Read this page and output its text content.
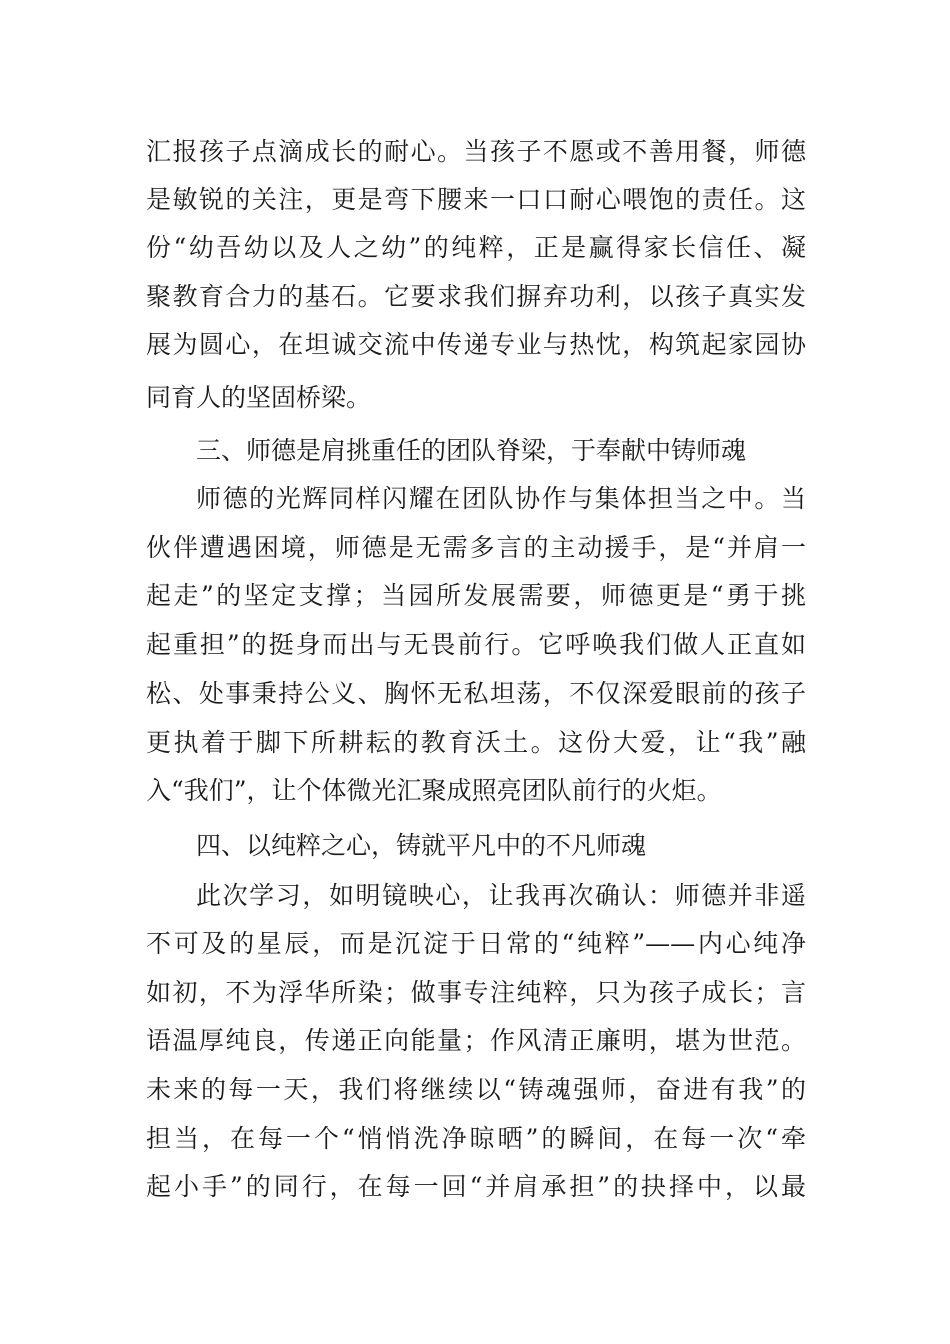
汇报孩子点滴成长的耐心。当孩子不愿或不善用餐，师德
是敏锐的关注，更是弯下腰来一口口耐心喂饱的责任。这
份“幼吾幼以及人之幼”的纯粹，正是赢得家长信任、凝
聚教育合力的基石。它要求我们摒弃功利，以孩子真实发
展为圆心，在坦诚交流中传递专业与热忱，构筑起家园协
同育人的坚固桥梁。
三、师德是肩挑重任的团队脊梁，于奉献中铸师魂
师德的光辉同样闪耀在团队协作与集体担当之中。当
伙伴遭遇困境，师德是无需多言的主动援手，是“并肩一
起走”的坚定支撑；当园所发展需要，师德更是“勇于挑
起重担”的挺身而出与无畏前行。它呼唤我们做人正直如
松、处事秉持公义、胸怀无私坦荡，不仅深爱眼前的孩子
更执着于脚下所耕耘的教育沃土。这份大爱，让“我”融
入“我们”，让个体微光汇聚成照亮团队前行的火炬。
四、以纯粹之心，铸就平凡中的不凡师魂
此次学习，如明镜映心，让我再次确认：师德并非遥
不可及的星辰，而是沉淀于日常的“纯粹”——内心纯净
如初，不为浮华所染；做事专注纯粹，只为孩子成长；言
语温厚纯良，传递正向能量；作风清正廉明，堪为世范。
未来的每一天，我们将继续以“铸魂强师，奋进有我”的
担当，在每一个“悄悄洗净晾晒”的瞬间，在每一次“牵
起小手”的同行，在每一回“并肩承担”的抉择中，以最
